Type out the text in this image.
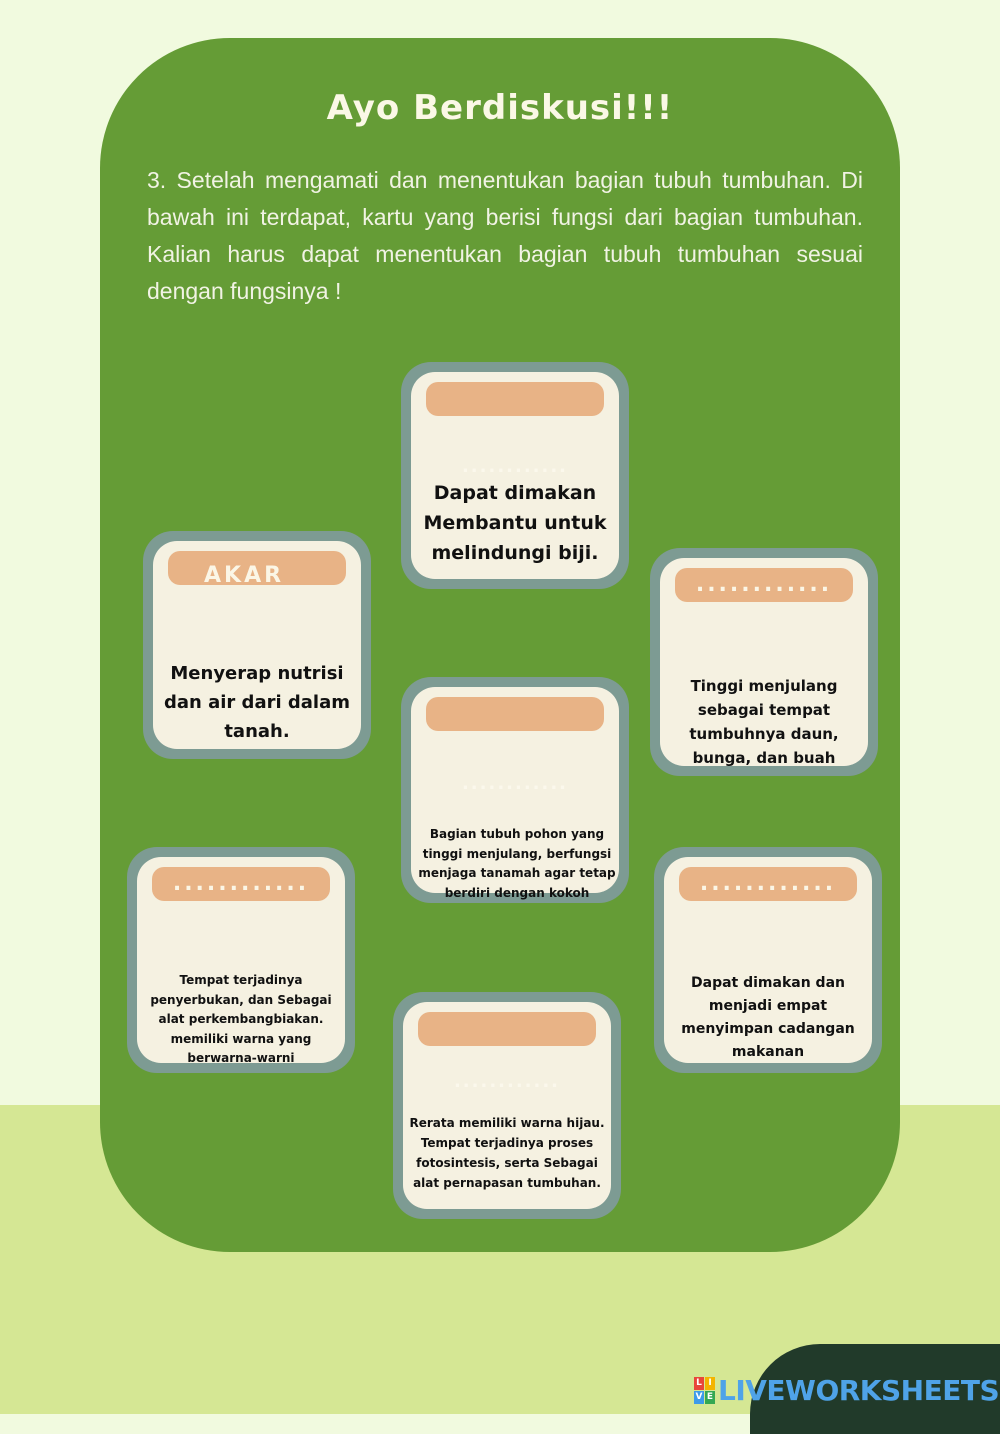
Ayo Berdiskusi!!!
3. Setelah mengamati dan menentukan bagian tubuh tumbuhan. Di bawah ini terdapat, kartu yang berisi fungsi dari bagian tumbuhan. Kalian harus dapat menentukan bagian tubuh tumbuhan sesuai dengan fungsinya !
............
Dapat dimakan Membantu untuk melindungi biji.
AKAR
Menyerap nutrisi dan air dari dalam tanah.
............
Tinggi menjulang sebagai tempat tumbuhnya daun, bunga, dan buah
............
Bagian tubuh pohon yang tinggi menjulang, berfungsi menjaga tanamah agar tetap berdiri dengan kokoh
............
Tempat terjadinya penyerbukan, dan Sebagai alat perkembangbiakan. memiliki warna yang berwarna-warni
............
Dapat dimakan dan menjadi empat menyimpan cadangan makanan
............
Rerata memiliki warna hijau. Tempat terjadinya proses fotosintesis, serta Sebagai alat pernapasan tumbuhan.
L I
V E LIVEWORKSHEETS
